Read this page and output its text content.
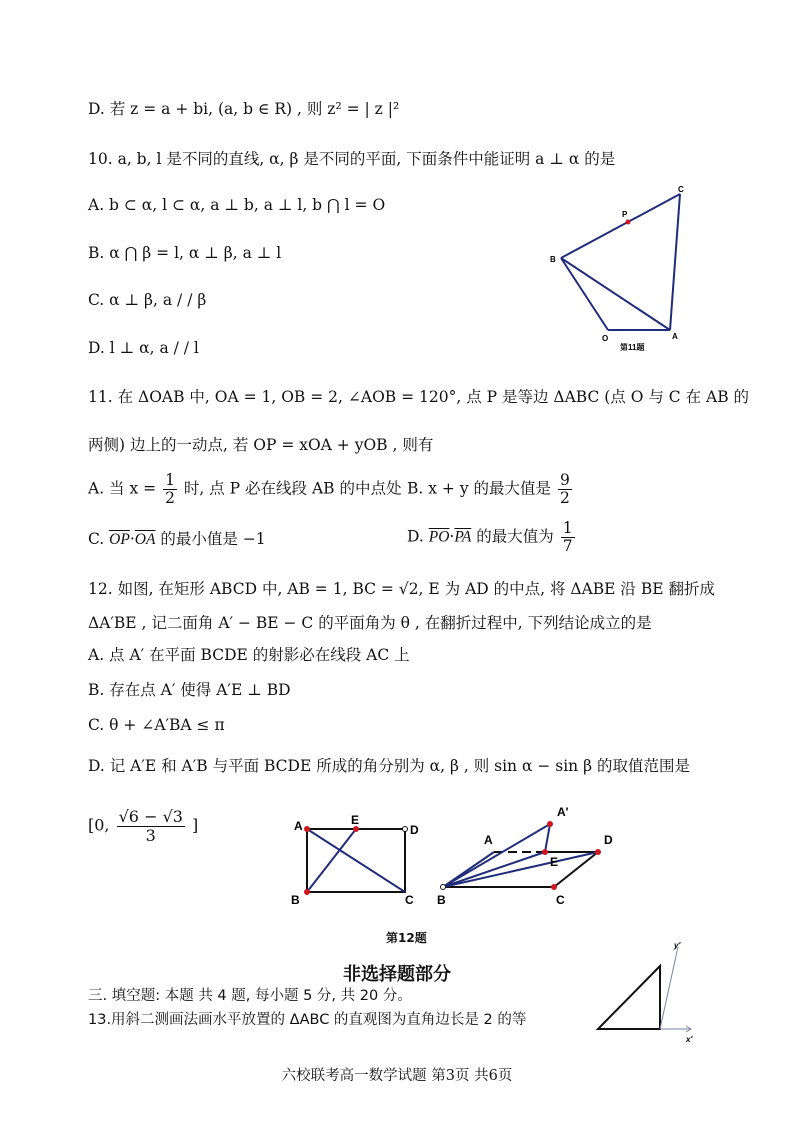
D. 若 z = a + bi, (a, b ∈ R) , 则 z² = | z |²
10. a, b, l 是不同的直线, α, β 是不同的平面, 下面条件中能证明 a ⊥ α 的是
A. b ⊂ α, l ⊂ α, a ⊥ b, a ⊥ l, b ⋂ l = O
B. α ⋂ β = l, α ⊥ β, a ⊥ l
C. α ⊥ β, a / / β
D. l ⊥ α, a / / l
C
P
B
O	A
第11题
11. 在 ΔOAB 中, OA = 1, OB = 2, ∠AOB = 120°, 点 P 是等边 ΔABC (点 O 与 C 在 AB 的
两侧) 边上的一动点, 若 OP = xOA + yOB , 则有
A. 当 $x = \frac{1}{2}$ 时, 点 P 必在线段 AB 的中点处 B. x + y 的最大值是 $\frac{9}{2}$
C. $\overline{OP}\cdot\overline{OA}$ 的最小值是 −1	D. $\overline{PO}\cdot\overline{PA}$ 的最大值为 $\frac{1}{7}$
12. 如图, 在矩形 ABCD 中, AB = 1, BC = √2, E 为 AD 的中点, 将 ΔABE 沿 BE 翻折成
ΔA′BE , 记二面角 A′ − BE − C 的平面角为 θ , 在翻折过程中, 下列结论成立的是
A. 点 A′ 在平面 BCDE 的射影必在线段 AC 上
B. 存在点 A′ 使得 A′E ⊥ BD
C. θ + ∠A′BA ≤ π
D. 记 A′E 和 A′B 与平面 BCDE 所成的角分别为 α, β , 则 sin α − sin β 的取值范围是
[0, $\frac{√6 - √3}{3}$ ]	A	E
D
B	C
A'
A
E
D
B	C
第12题
非选择题部分
三. 填空题: 本题 共 4 题, 每小题 5 分, 共 20 分。
13.用斜二测画法画水平放置的 ΔABC 的直观图为直角边长是 2 的等
y'
x'
六校联考高一数学试题 第3页 共6页
